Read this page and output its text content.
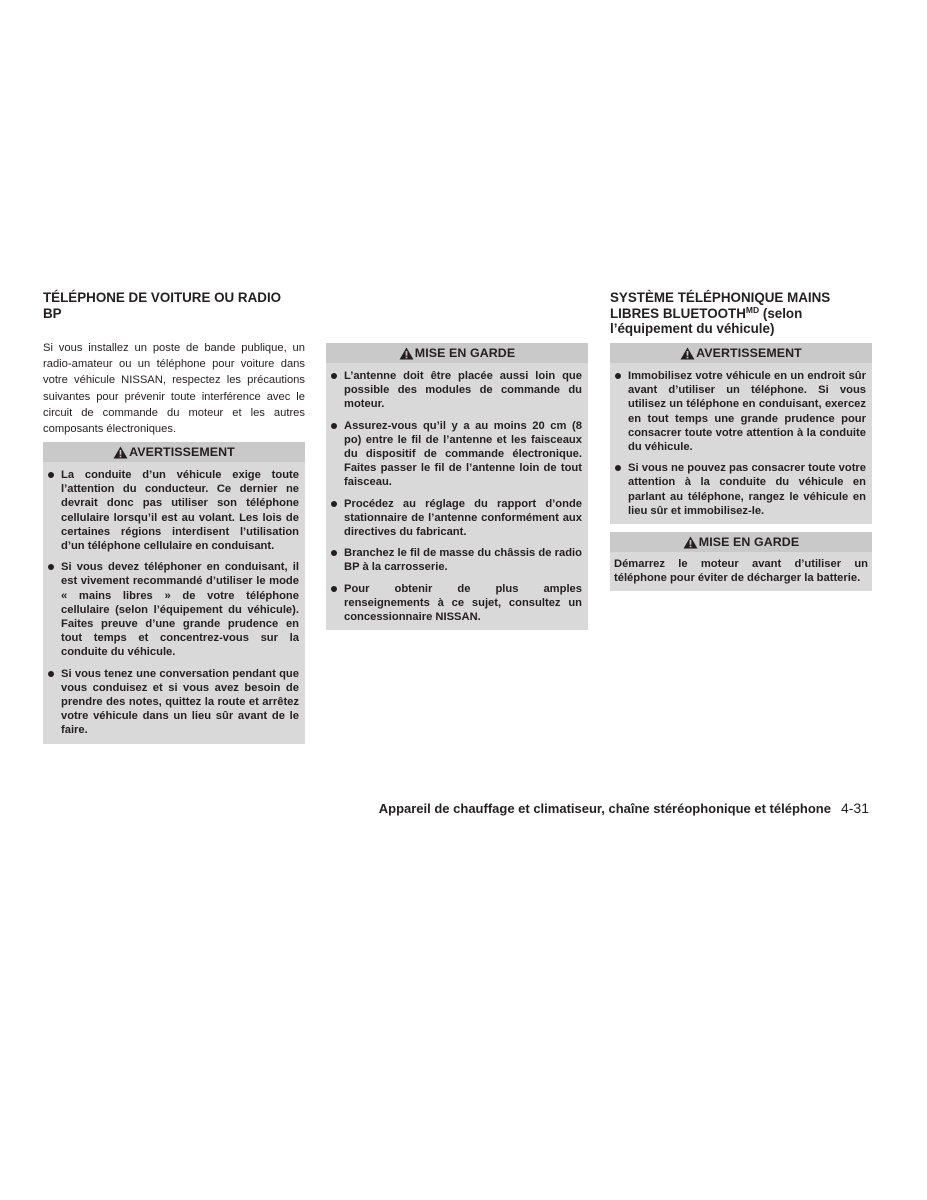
TÉLÉPHONE DE VOITURE OU RADIO BP

Si vous installez un poste de bande publique, un radio-amateur ou un téléphone pour voiture dans votre véhicule NISSAN, respectez les précautions suivantes pour prévenir toute interférence avec le circuit de commande du moteur et les autres composants électroniques.

AVERTISSEMENT
La conduite d’un véhicule exige toute l’attention du conducteur. Ce dernier ne devrait donc pas utiliser son téléphone cellulaire lorsqu’il est au volant. Les lois de certaines régions interdisent l’utilisation d’un téléphone cellulaire en conduisant.
Si vous devez téléphoner en conduisant, il est vivement recommandé d’utiliser le mode « mains libres » de votre téléphone cellulaire (selon l’équipement du véhicule). Faites preuve d’une grande prudence en tout temps et concentrez-vous sur la conduite du véhicule.
Si vous tenez une conversation pendant que vous conduisez et si vous avez besoin de prendre des notes, quittez la route et arrêtez votre véhicule dans un lieu sûr avant de le faire.
MISE EN GARDE
L’antenne doit être placée aussi loin que possible des modules de commande du moteur.
Assurez-vous qu’il y a au moins 20 cm (8 po) entre le fil de l’antenne et les faisceaux du dispositif de commande électronique. Faites passer le fil de l’antenne loin de tout faisceau.
Procédez au réglage du rapport d’onde stationnaire de l’antenne conformément aux directives du fabricant.
Branchez le fil de masse du châssis de radio BP à la carrosserie.
Pour obtenir de plus amples renseignements à ce sujet, consultez un concessionnaire NISSAN.
SYSTÈME TÉLÉPHONIQUE MAINS LIBRES $BLUETOOTH^{MD}$ (selon l’équipement du véhicule)
AVERTISSEMENT
Immobilisez votre véhicule en un endroit sûr avant d’utiliser un téléphone. Si vous utilisez un téléphone en conduisant, exercez en tout temps une grande prudence pour consacrer toute votre attention à la conduite du véhicule.
Si vous ne pouvez pas consacrer toute votre attention à la conduite du véhicule en parlant au téléphone, rangez le véhicule en lieu sûr et immobilisez-le.
MISE EN GARDE

Démarrez le moteur avant d’utiliser un téléphone pour éviter de décharger la batterie.

Appareil de chauffage et climatiseur, chaîne stéréophonique et téléphone 4-31
